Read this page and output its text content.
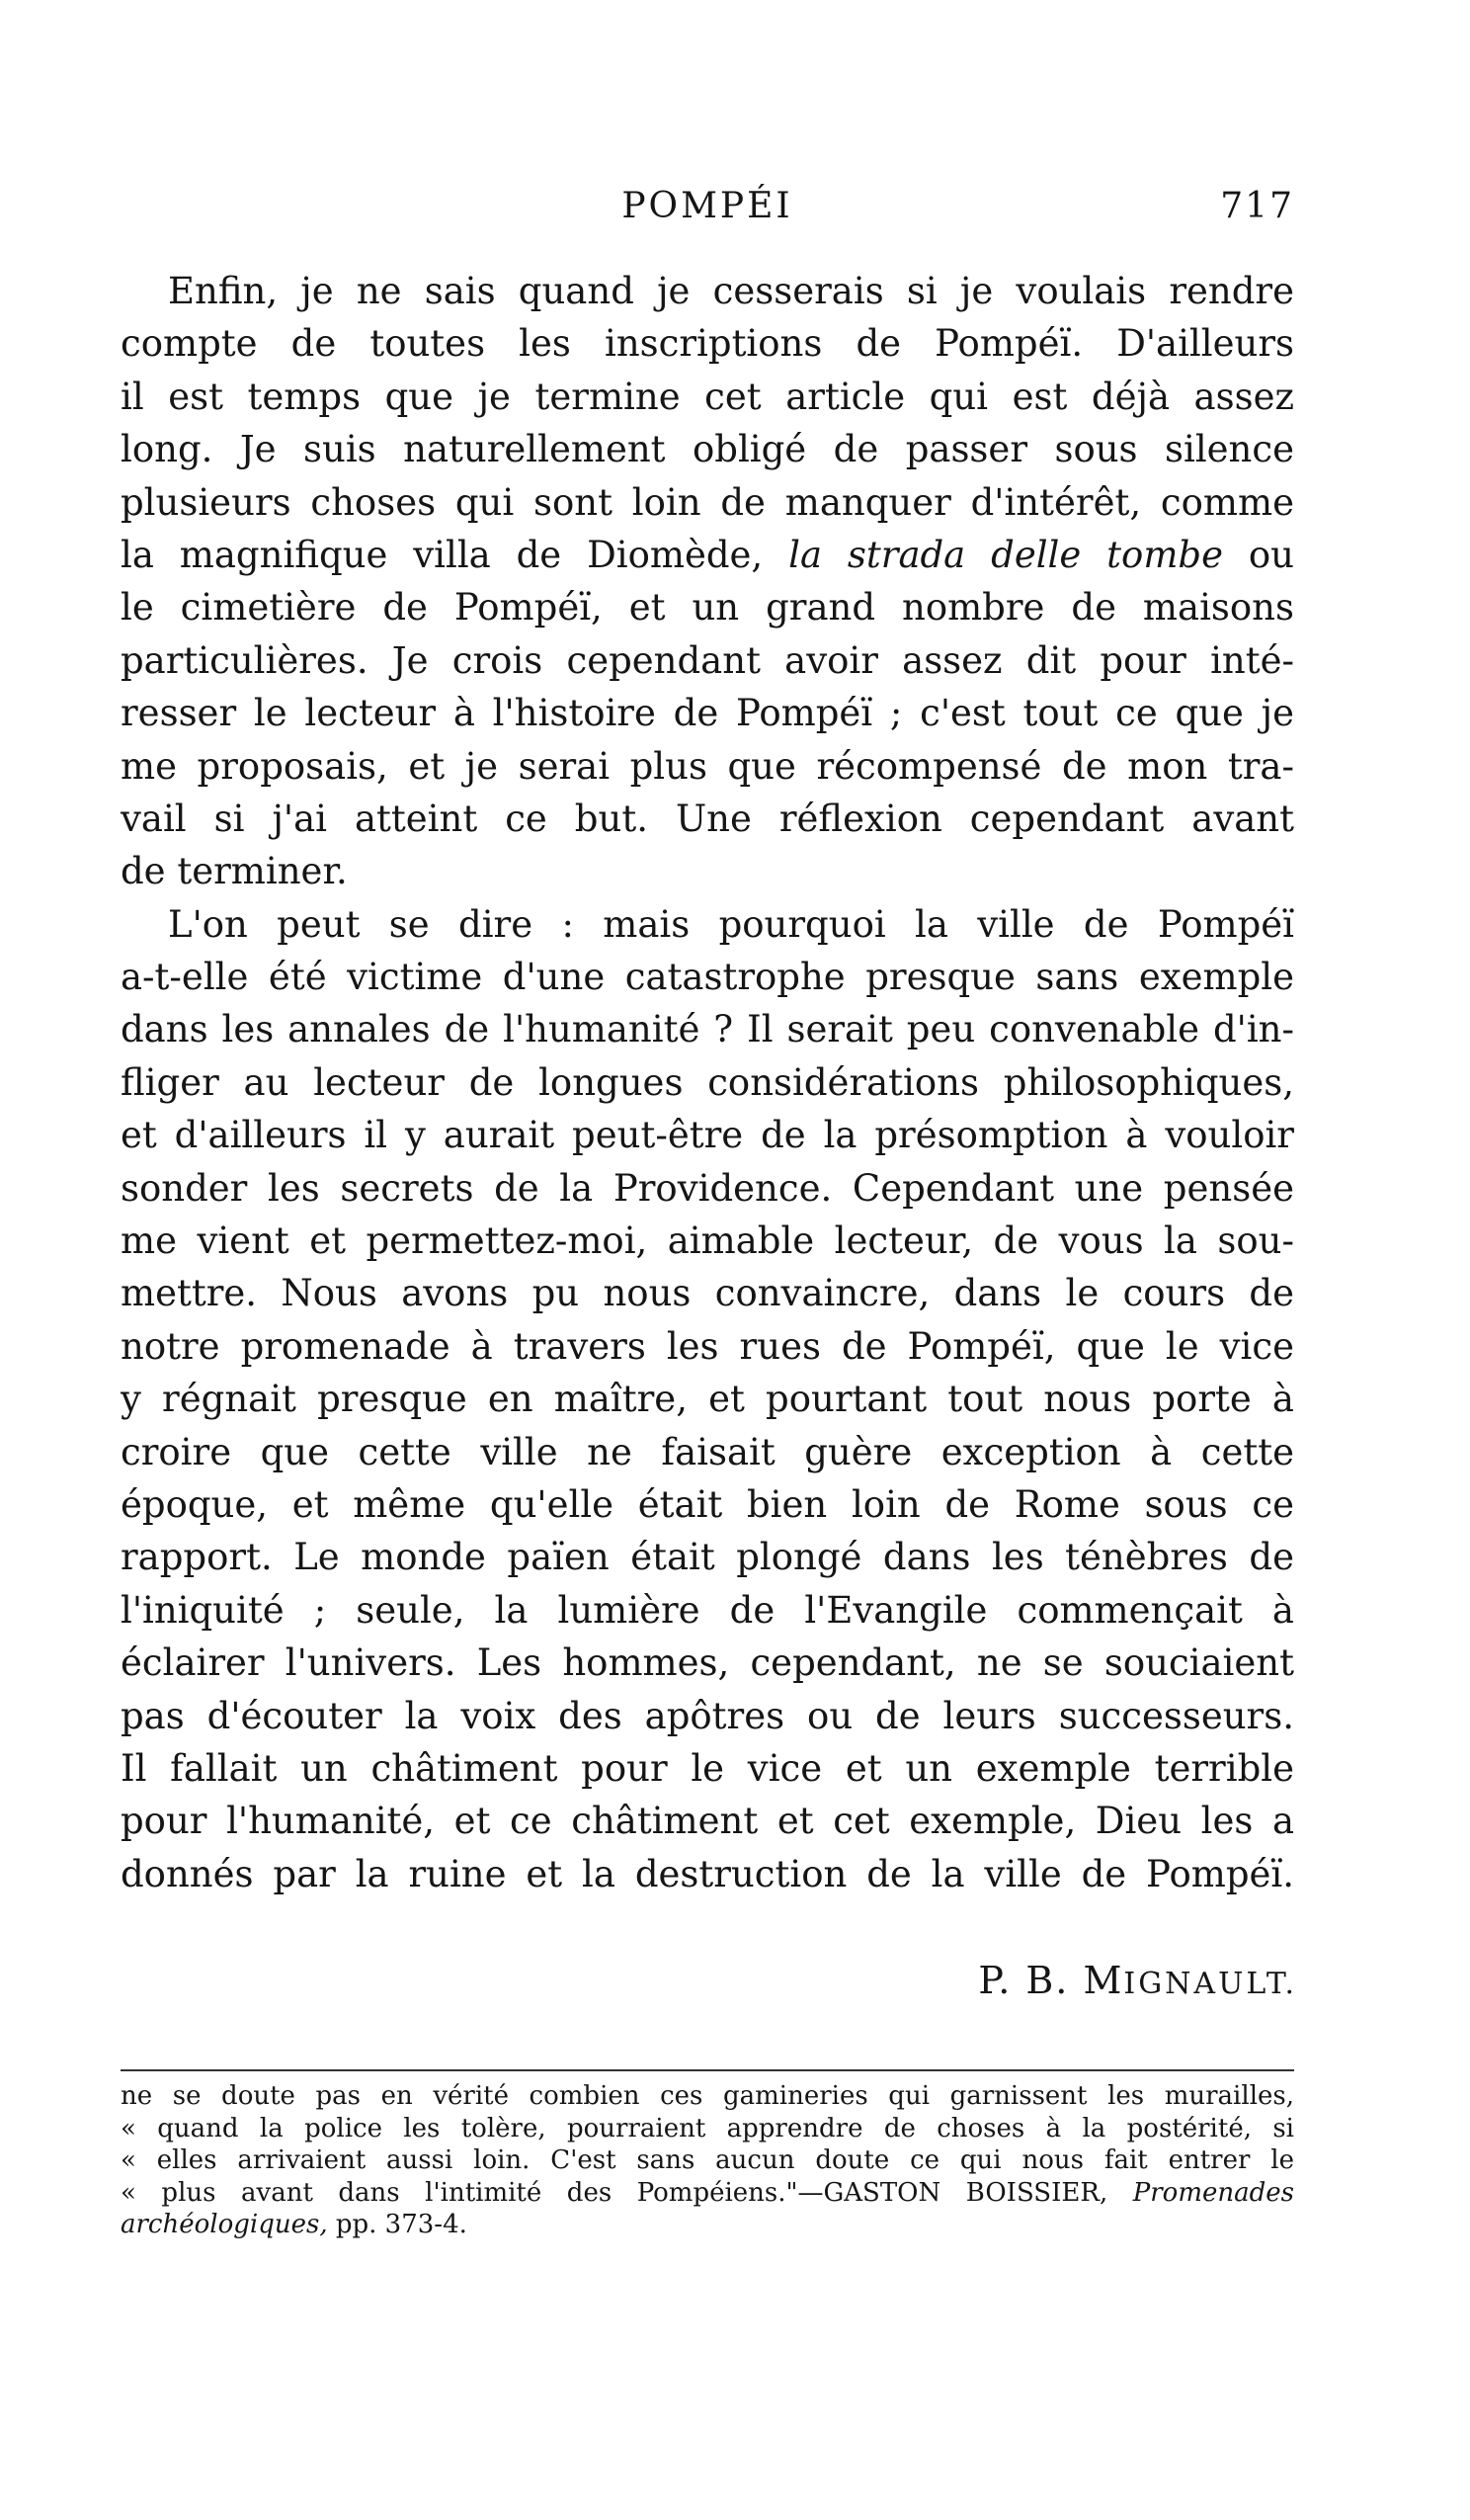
POMPÉI	717
Enfin, je ne sais quand je cesserais si je voulais rendre
compte de toutes les inscriptions de Pompéï. D'ailleurs
il est temps que je termine cet article qui est déjà assez
long. Je suis naturellement obligé de passer sous silence
plusieurs choses qui sont loin de manquer d'intérêt, comme
la magnifique villa de Diomède, la strada delle tombe ou
le cimetière de Pompéï, et un grand nombre de maisons
particulières. Je crois cependant avoir assez dit pour inté-
resser le lecteur à l'histoire de Pompéï ; c'est tout ce que je
me proposais, et je serai plus que récompensé de mon tra-
vail si j'ai atteint ce but. Une réflexion cependant avant
de terminer.
L'on peut se dire : mais pourquoi la ville de Pompéï
a-t-elle été victime d'une catastrophe presque sans exemple
dans les annales de l'humanité ? Il serait peu convenable d'in-
fliger au lecteur de longues considérations philosophiques,
et d'ailleurs il y aurait peut-être de la présomption à vouloir
sonder les secrets de la Providence. Cependant une pensée
me vient et permettez-moi, aimable lecteur, de vous la sou-
mettre. Nous avons pu nous convaincre, dans le cours de
notre promenade à travers les rues de Pompéï, que le vice
y régnait presque en maître, et pourtant tout nous porte à
croire que cette ville ne faisait guère exception à cette
époque, et même qu'elle était bien loin de Rome sous ce
rapport. Le monde païen était plongé dans les ténèbres de
l'iniquité ; seule, la lumière de l'Evangile commençait à
éclairer l'univers. Les hommes, cependant, ne se souciaient
pas d'écouter la voix des apôtres ou de leurs successeurs.
Il fallait un châtiment pour le vice et un exemple terrible
pour l'humanité, et ce châtiment et cet exemple, Dieu les a
donnés par la ruine et la destruction de la ville de Pompéï.
P. B. MIGNAULT.
ne se doute pas en vérité combien ces gamineries qui garnissent les murailles,
« quand la police les tolère, pourraient apprendre de choses à la postérité, si
« elles arrivaient aussi loin. C'est sans aucun doute ce qui nous fait entrer le
« plus avant dans l'intimité des Pompéiens."—GASTON BOISSIER, Promenades
archéologiques, pp. 373-4.
